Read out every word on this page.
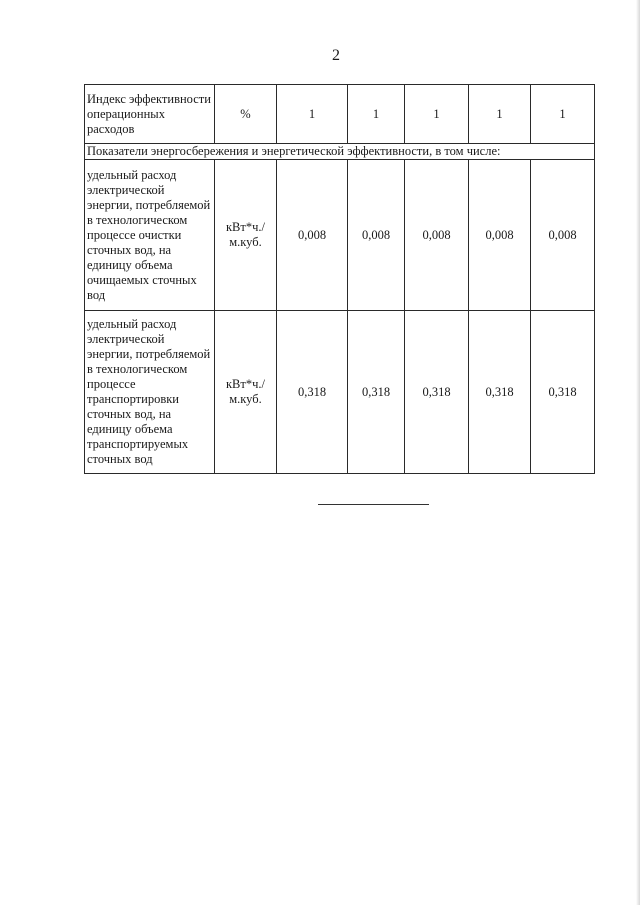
2
Индекс эффективности операционных расходов	%	1	1	1	1	1
Показатели энергосбережения и энергетической эффективности, в том числе:						
удельный расход электрической энергии, потребляемой в технологическом процессе очистки сточных вод, на единицу объема очищаемых сточных вод	кВт*ч./м.куб.	0,008	0,008	0,008	0,008	0,008
удельный расход электрической энергии, потребляемой в технологическом процессе транспортировки сточных вод, на единицу объема транспортируемых сточных вод	кВт*ч./м.куб.	0,318	0,318	0,318	0,318	0,318
